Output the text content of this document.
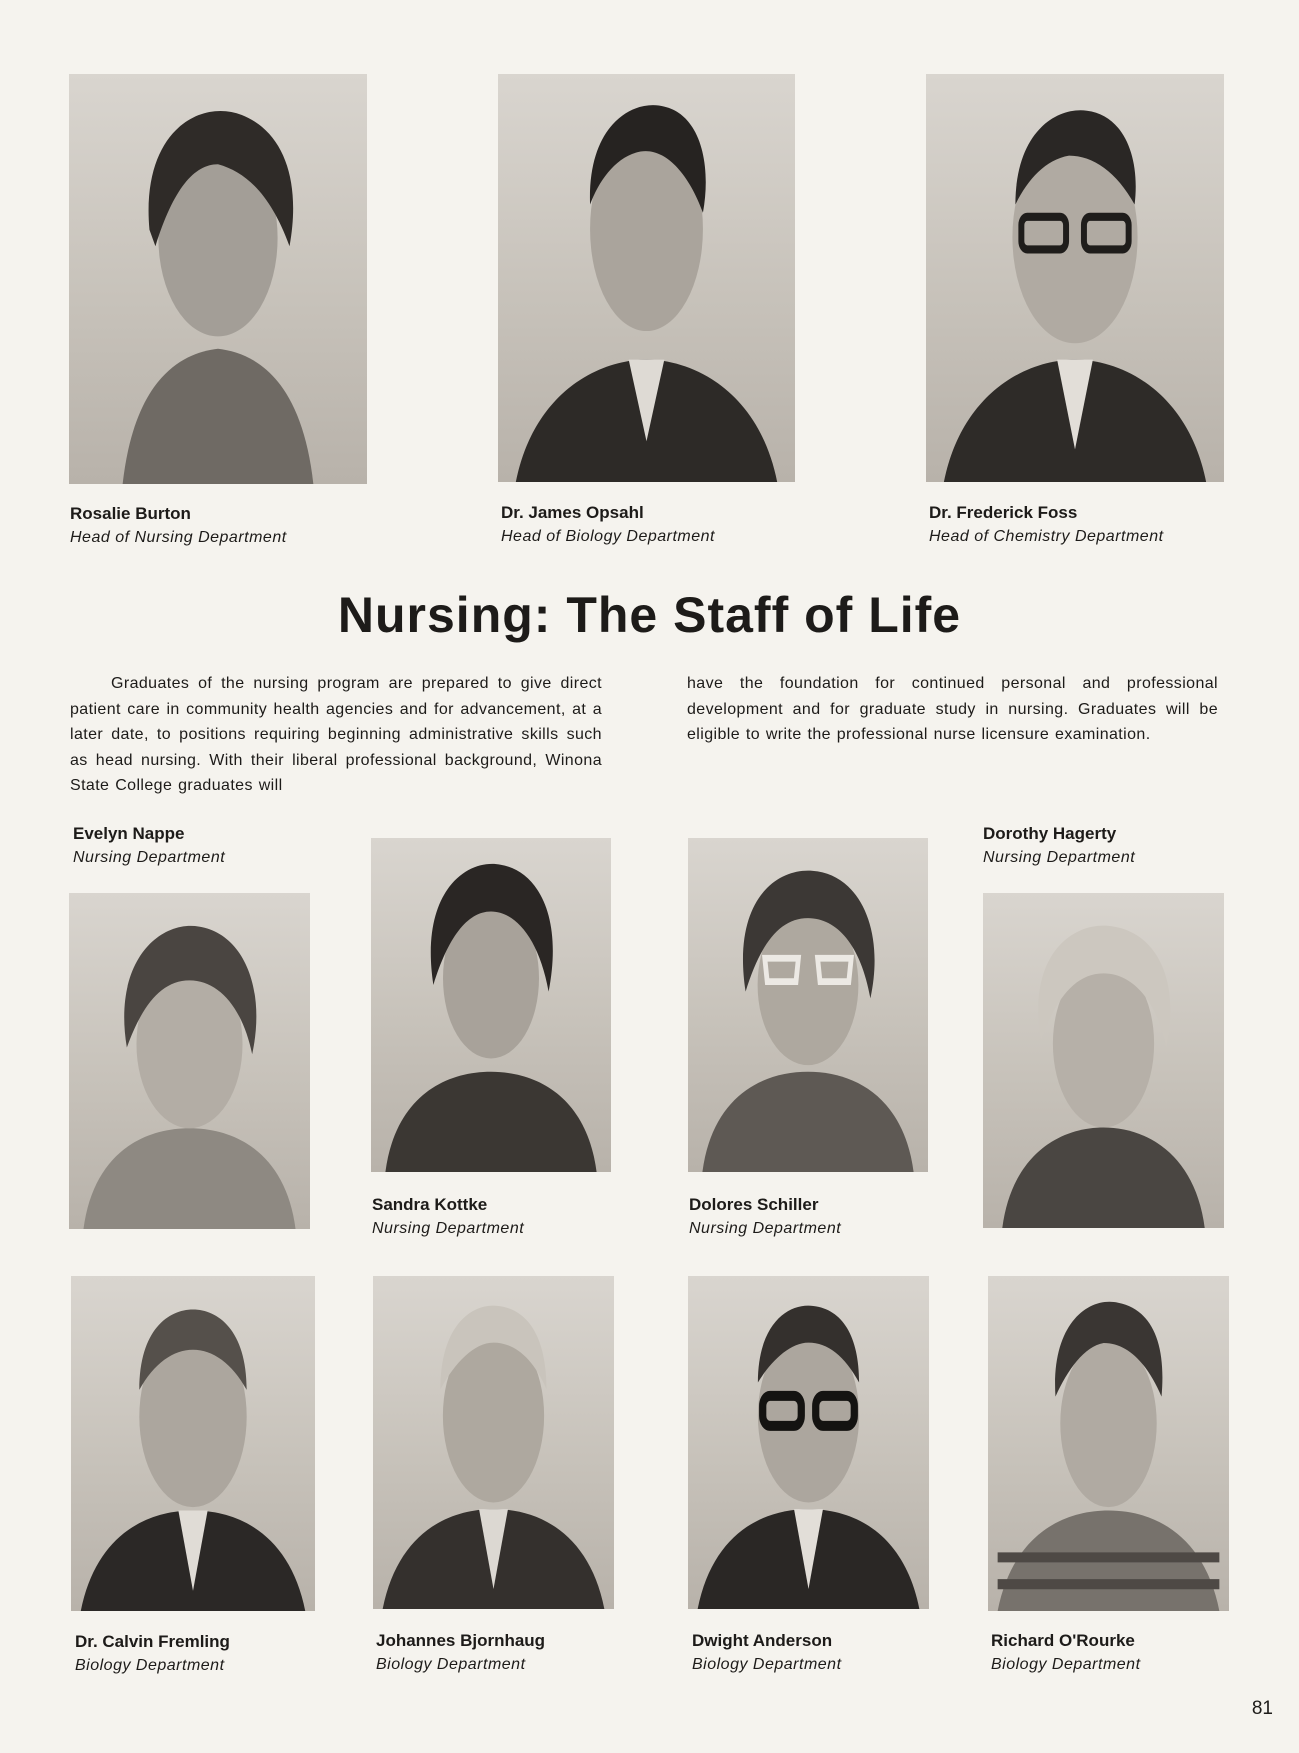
Rosalie Burton
Head of Nursing Department
Dr. James Opsahl
Head of Biology Department
Dr. Frederick Foss
Head of Chemistry Department
Nursing: The Staff of Life
Graduates of the nursing program are prepared to give direct patient care in community health agencies and for advancement, at a later date, to positions requiring beginning administrative skills such as head nursing. With their liberal professional background, Winona State College graduates will
have the foundation for continued personal and professional development and for graduate study in nursing. Graduates will be eligible to write the professional nurse licensure examination.
Evelyn Nappe
Nursing Department
Dorothy Hagerty
Nursing Department
Sandra Kottke
Nursing Department
Dolores Schiller
Nursing Department
Dr. Calvin Fremling
Biology Department
Johannes Bjornhaug
Biology Department
Dwight Anderson
Biology Department
Richard O'Rourke
Biology Department
81
